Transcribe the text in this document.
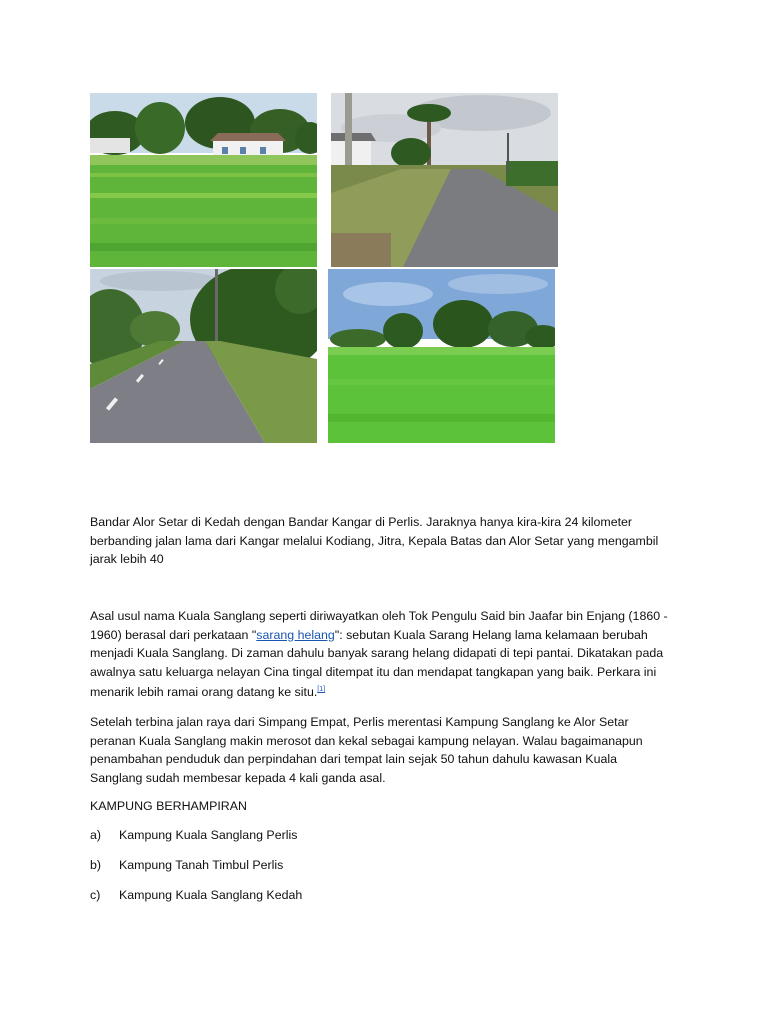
Bandar Alor Setar di Kedah dengan Bandar Kangar di Perlis. Jaraknya hanya kira-kira 24 kilometer berbanding jalan lama dari Kangar melalui Kodiang, Jitra, Kepala Batas dan Alor Setar yang mengambil jarak lebih 40
Asal usul nama Kuala Sanglang seperti diriwayatkan oleh Tok Pengulu Said bin Jaafar bin Enjang (1860 - 1960) berasal dari perkataan "sarang helang": sebutan Kuala Sarang Helang lama kelamaan berubah menjadi Kuala Sanglang. Di zaman dahulu banyak sarang helang didapati di tepi pantai. Dikatakan pada awalnya satu keluarga nelayan Cina tingal ditempat itu dan mendapat tangkapan yang baik. Perkara ini menarik lebih ramai orang datang ke situ.[1]
Setelah terbina jalan raya dari Simpang Empat, Perlis merentasi Kampung Sanglang ke Alor Setar peranan Kuala Sanglang makin merosot dan kekal sebagai kampung nelayan. Walau bagaimanapun penambahan penduduk dan perpindahan dari tempat lain sejak 50 tahun dahulu kawasan Kuala Sanglang sudah membesar kepada 4 kali ganda asal.
KAMPUNG BERHAMPIRAN
a) Kampung Kuala Sanglang Perlis
b) Kampung Tanah Timbul Perlis
c) Kampung Kuala Sanglang Kedah
